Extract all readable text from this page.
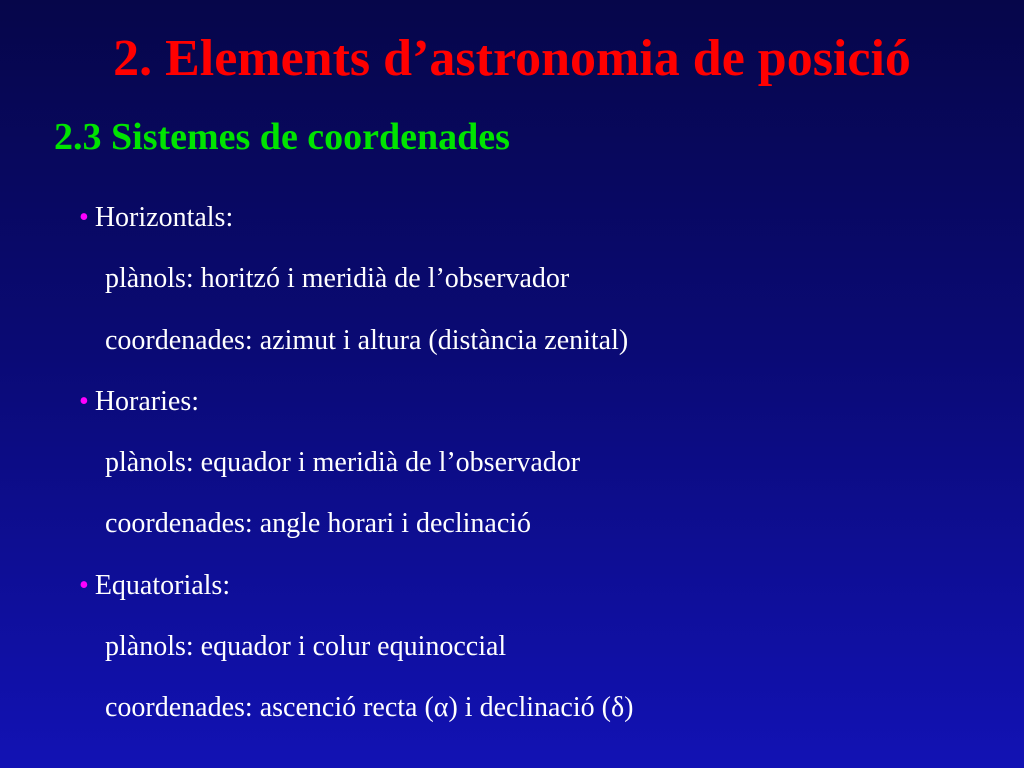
2. Elements d’astronomia de posició
2.3 Sistemes de coordenades
• Horizontals:
plànols: horitzó i meridià de l’observador
coordenades: azimut i altura (distància zenital)
• Horaries:
plànols: equador i meridià de l’observador
coordenades: angle horari i declinació
• Equatorials:
plànols: equador i colur equinoccial
coordenades: ascenció recta (α) i declinació (δ)
